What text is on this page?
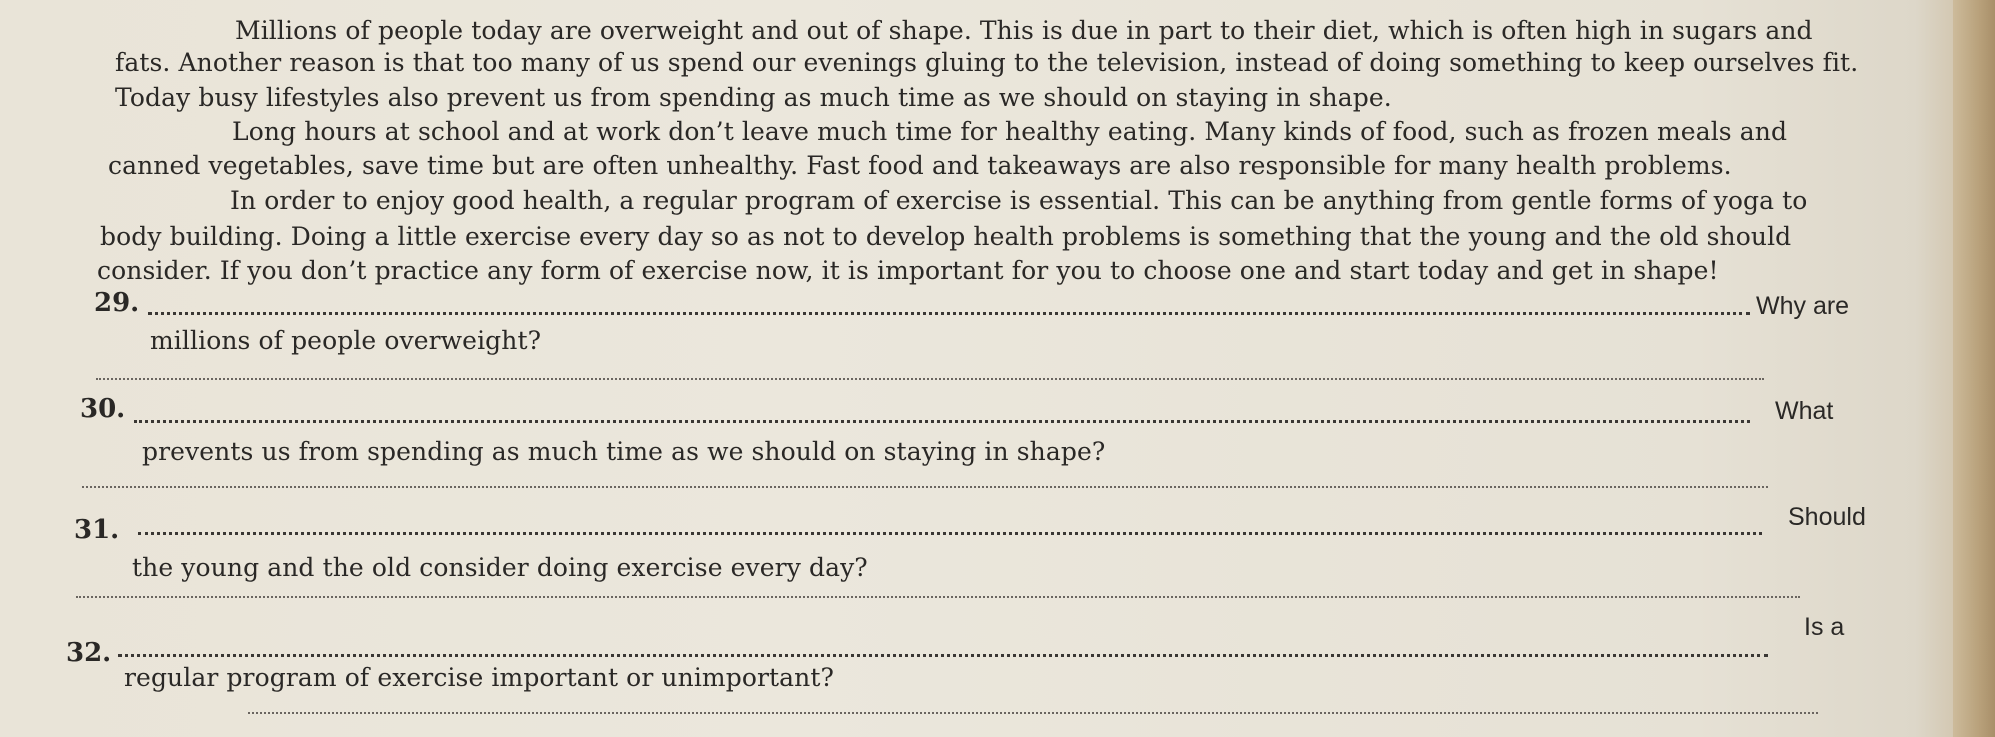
Millions of people today are overweight and out of shape. This is due in part to their diet, which is often high in sugars and
fats. Another reason is that too many of us spend our evenings gluing to the television, instead of doing something to keep ourselves fit.
Today busy lifestyles also prevent us from spending as much time as we should on staying in shape.
Long hours at school and at work don’t leave much time for healthy eating. Many kinds of food, such as frozen meals and
canned vegetables, save time but are often unhealthy. Fast food and takeaways are also responsible for many health problems.
In order to enjoy good health, a regular program of exercise is essential. This can be anything from gentle forms of yoga to
body building. Doing a little exercise every day so as not to develop health problems is something that the young and the old should
consider. If you don’t practice any form of exercise now, it is important for you to choose one and start today and get in shape!
29.	Why are
millions of people overweight?
30.	What
prevents us from spending as much time as we should on staying in shape?
31.	Should
the young and the old consider doing exercise every day?
32.
Is a
regular program of exercise important or unimportant?
